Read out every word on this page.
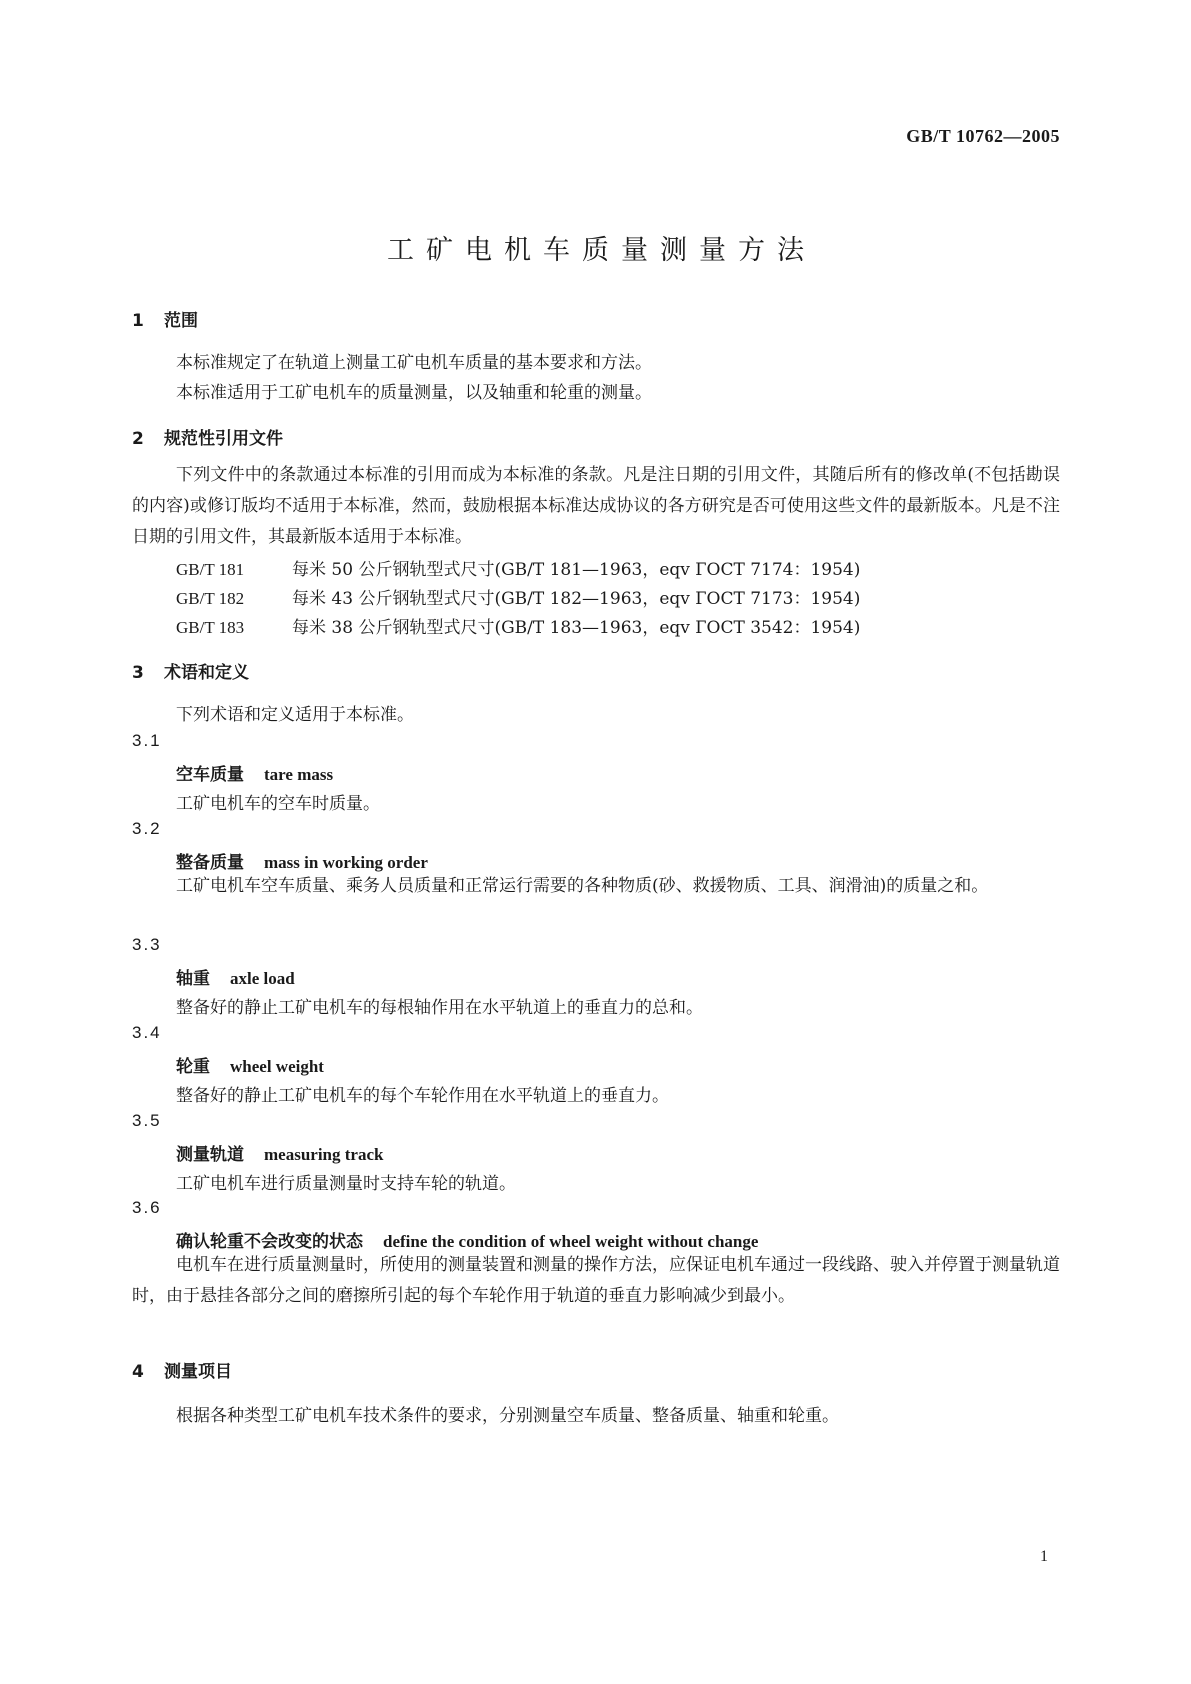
GB/T 10762—2005
工矿电机车质量测量方法
1 范围
本标准规定了在轨道上测量工矿电机车质量的基本要求和方法。
本标准适用于工矿电机车的质量测量，以及轴重和轮重的测量。
2 规范性引用文件
下列文件中的条款通过本标准的引用而成为本标准的条款。凡是注日期的引用文件，其随后所有的修改单(不包括勘误的内容)或修订版均不适用于本标准，然而，鼓励根据本标准达成协议的各方研究是否可使用这些文件的最新版本。凡是不注日期的引用文件，其最新版本适用于本标准。
GB/T 181	每米 50 公斤钢轨型式尺寸(GB/T 181—1963，eqv ГОСТ 7174：1954)
GB/T 182	每米 43 公斤钢轨型式尺寸(GB/T 182—1963，eqv ГОСТ 7173：1954)
GB/T 183	每米 38 公斤钢轨型式尺寸(GB/T 183—1963，eqv ГОСТ 3542：1954)
3 术语和定义
下列术语和定义适用于本标准。
3.1
空车质量 tare mass
工矿电机车的空车时质量。
3.2
整备质量 mass in working order
工矿电机车空车质量、乘务人员质量和正常运行需要的各种物质(砂、救援物质、工具、润滑油)的质量之和。
3.3
轴重 axle load
整备好的静止工矿电机车的每根轴作用在水平轨道上的垂直力的总和。
3.4
轮重 wheel weight
整备好的静止工矿电机车的每个车轮作用在水平轨道上的垂直力。
3.5
测量轨道 measuring track
工矿电机车进行质量测量时支持车轮的轨道。
3.6
确认轮重不会改变的状态 define the condition of wheel weight without change
电机车在进行质量测量时，所使用的测量装置和测量的操作方法，应保证电机车通过一段线路、驶入并停置于测量轨道时，由于悬挂各部分之间的磨擦所引起的每个车轮作用于轨道的垂直力影响减少到最小。
4 测量项目
根据各种类型工矿电机车技术条件的要求，分别测量空车质量、整备质量、轴重和轮重。
1
